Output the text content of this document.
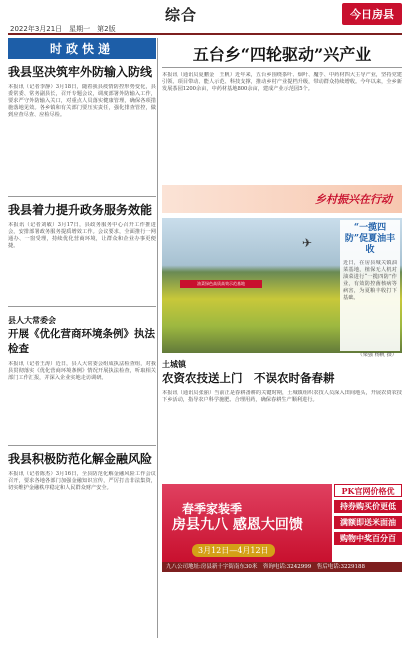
2022年3月21日　星期一　第2版
综合	今日房县
时政快递
我县坚决筑牢外防输入防线
本报讯（记者李静）3月18日，随着我县疫情防控形势变化，县委常委、常务副县长，召开专题会议，调度部署外防输入工作，要求严守外防输入关口，对重点人员落实健康管理，确保各项措施落地见效。各乡镇和有关部门要压实责任，强化排查管控，做到应查尽查、应检尽检。
我县着力提升政务服务效能
本报讯（记者刘敏）3月17日，县政务服务中心召开工作推进会，安排部署政务服务提质增效工作。会议要求，全面推行一网通办、一窗受理，持续优化营商环境，让群众和企业办事更便捷。
县人大常委会
开展《优化营商环境条例》执法检查
本报讯（记者王涛）近日，县人大常委会组成执法检查组，对我县贯彻落实《优化营商环境条例》情况开展执法检查，听取相关部门工作汇报，并深入企业实地走访调研。
我县积极防范化解金融风险
本报讯（记者陈杰）3月16日，全县防范化解金融风险工作会议召开，要求各地各部门加强金融知识宣传，严厉打击非法集资，切实维护金融秩序稳定和人民群众财产安全。
五台乡“四轮驱动”兴产业
本报讯（通讯员夏鹏金　王帆）近年来，五台乡围绕茶叶、烟叶、魔芋、中药材四大主导产业，坚持党建引领、项目带动、能人示范、科技支撑，推动乡村产业提档升级，带动群众持续增收。今年以来，全乡新发展茶园1200余亩，中药材基地800余亩，建成产业示范园5个。
乡村振兴在行动
✈
油菜绿色高质高效示范基地
“一揽四防”促夏油丰收
近日，在房县城关镇油菜基地，植保无人机对油菜进行“一揽四防”作业，有效防控菌核病等病害，为夏粮丰收打下基础。
（梁强 杨帆 摄）
土城镇
农资农技送上门　不误农时备春耕
本报讯（通讯员张丽）当前正是春耕备耕的关键时期，土城镇组织农技人员深入田间地头，开展农资农技下乡活动，指导农户科学施肥、合理用药，确保春耕生产顺利进行。
春季家装季
房县九八 感恩大回馈
3月12日—4月12日
PK官网价格优
持券购买价更低
满额即送米面油
购物中奖百分百
九八公司地址:房县新十字街南东30米　咨询电话:3242999　售后电话:3229188
